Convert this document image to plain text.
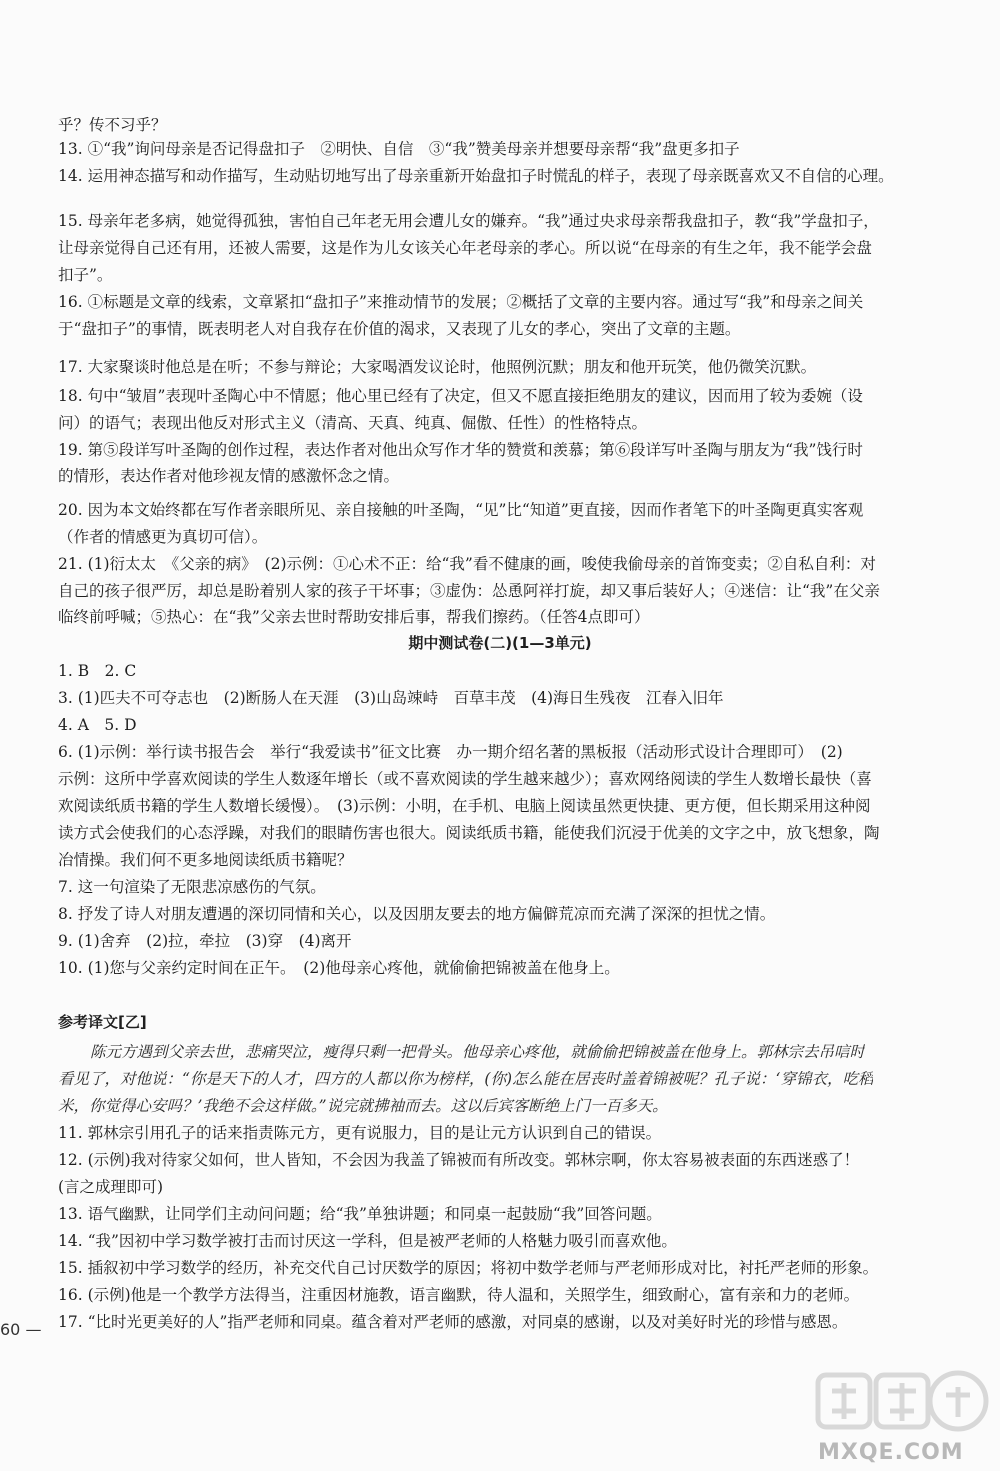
乎？传不习乎？
13. ①“我”询问母亲是否记得盘扣子　②明快、自信　③“我”赞美母亲并想要母亲帮“我”盘更多扣子
14. 运用神态描写和动作描写，生动贴切地写出了母亲重新开始盘扣子时慌乱的样子，表现了母亲既喜欢又不自信的心理。
15. 母亲年老多病，她觉得孤独，害怕自己年老无用会遭儿女的嫌弃。“我”通过央求母亲帮我盘扣子，教“我”学盘扣子，
让母亲觉得自己还有用，还被人需要，这是作为儿女该关心年老母亲的孝心。所以说“在母亲的有生之年，我不能学会盘
扣子”。
16. ①标题是文章的线索，文章紧扣“盘扣子”来推动情节的发展；②概括了文章的主要内容。通过写“我”和母亲之间关
于“盘扣子”的事情，既表明老人对自我存在价值的渴求，又表现了儿女的孝心，突出了文章的主题。
17. 大家聚谈时他总是在听；不参与辩论；大家喝酒发议论时，他照例沉默；朋友和他开玩笑，他仍微笑沉默。
18. 句中“皱眉”表现叶圣陶心中不情愿；他心里已经有了决定，但又不愿直接拒绝朋友的建议，因而用了较为委婉（设
问）的语气；表现出他反对形式主义（清高、天真、纯真、倔傲、任性）的性格特点。
19. 第⑤段详写叶圣陶的创作过程，表达作者对他出众写作才华的赞赏和羡慕；第⑥段详写叶圣陶与朋友为“我”饯行时
的情形，表达作者对他珍视友情的感激怀念之情。
20. 因为本文始终都在写作者亲眼所见、亲自接触的叶圣陶，“见”比“知道”更直接，因而作者笔下的叶圣陶更真实客观
（作者的情感更为真切可信）。
21. (1)衍太太　《父亲的病》　(2)示例：①心术不正：给“我”看不健康的画，唆使我偷母亲的首饰变卖；②自私自利：对
自己的孩子很严厉，却总是盼着别人家的孩子干坏事；③虚伪：怂恿阿祥打旋，却又事后装好人；④迷信：让“我”在父亲
临终前呼喊；⑤热心：在“我”父亲去世时帮助安排后事，帮我们擦药。（任答4点即可）
期中测试卷(二)(1—3单元)
1. B　2. C
3. (1)匹夫不可夺志也　(2)断肠人在天涯　(3)山岛竦峙　百草丰茂　(4)海日生残夜　江春入旧年
4. A　5. D
6. (1)示例：举行读书报告会　举行“我爱读书”征文比赛　办一期介绍名著的黑板报（活动形式设计合理即可）　(2)
示例：这所中学喜欢阅读的学生人数逐年增长（或不喜欢阅读的学生越来越少）；喜欢网络阅读的学生人数增长最快（喜
欢阅读纸质书籍的学生人数增长缓慢）。　(3)示例：小明，在手机、电脑上阅读虽然更快捷、更方便，但长期采用这种阅
读方式会使我们的心态浮躁，对我们的眼睛伤害也很大。阅读纸质书籍，能使我们沉浸于优美的文字之中，放飞想象，陶
冶情操。我们何不更多地阅读纸质书籍呢？
7. 这一句渲染了无限悲凉感伤的气氛。
8. 抒发了诗人对朋友遭遇的深切同情和关心，以及因朋友要去的地方偏僻荒凉而充满了深深的担忧之情。
9. (1)舍弃　(2)拉，牵拉　(3)穿　(4)离开
10. (1)您与父亲约定时间在正午。　(2)他母亲心疼他，就偷偷把锦被盖在他身上。
参考译文[乙]
陈元方遇到父亲去世，悲痛哭泣，瘦得只剩一把骨头。他母亲心疼他，就偷偷把锦被盖在他身上。郭林宗去吊唁时
看见了，对他说：“你是天下的人才，四方的人都以你为榜样，(你)怎么能在居丧时盖着锦被呢？孔子说：‘穿锦衣，吃稻
米，你觉得心安吗？’我绝不会这样做。”说完就拂袖而去。这以后宾客断绝上门一百多天。
11. 郭林宗引用孔子的话来指责陈元方，更有说服力，目的是让元方认识到自己的错误。
12. (示例)我对待家父如何，世人皆知，不会因为我盖了锦被而有所改变。郭林宗啊，你太容易被表面的东西迷惑了！
(言之成理即可)
13. 语气幽默，让同学们主动问问题；给“我”单独讲题；和同桌一起鼓励“我”回答问题。
14. “我”因初中学习数学被打击而讨厌这一学科，但是被严老师的人格魅力吸引而喜欢他。
15. 插叙初中学习数学的经历，补充交代自己讨厌数学的原因；将初中数学老师与严老师形成对比，衬托严老师的形象。
16. (示例)他是一个教学方法得当，注重因材施教，语言幽默，待人温和，关照学生，细致耐心，富有亲和力的老师。
17. “比时光更美好的人”指严老师和同桌。蕴含着对严老师的感激，对同桌的感谢，以及对美好时光的珍惜与感恩。
60 —
MXQE.COM
